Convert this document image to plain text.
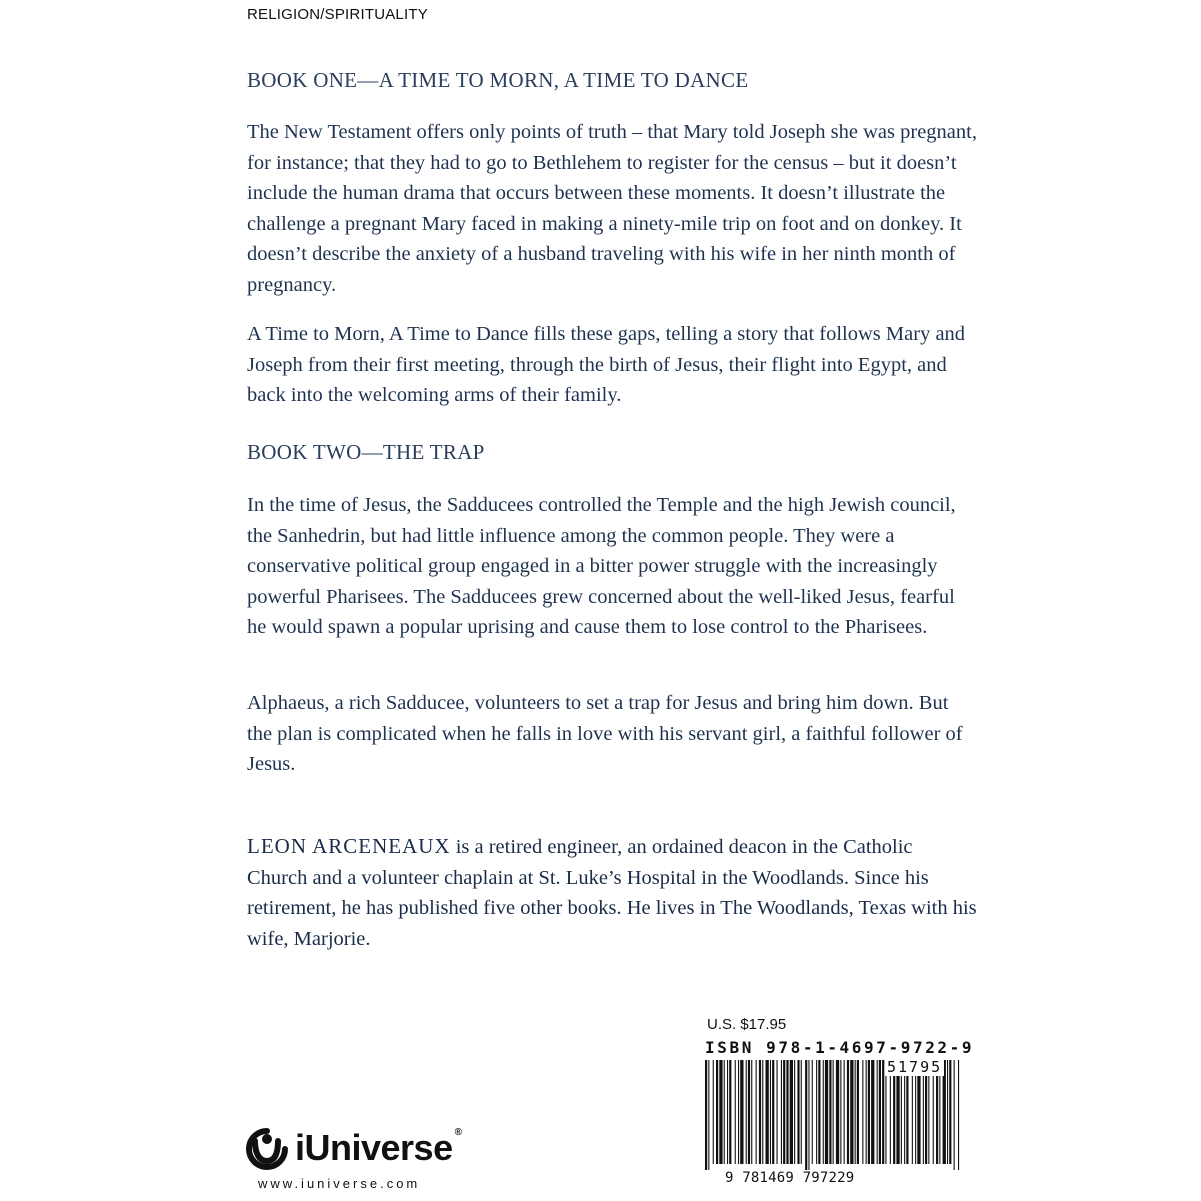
RELIGION/SPIRITUALITY
BOOK ONE—A TIME TO MORN, A TIME TO DANCE

The New Testament offers only points of truth – that Mary told Joseph she was pregnant, for instance; that they had to go to Bethlehem to register for the census – but it doesn’t include the human drama that occurs between these moments. It doesn’t illustrate the challenge a pregnant Mary faced in making a ninety-mile trip on foot and on donkey. It doesn’t describe the anxiety of a husband traveling with his wife in her ninth month of pregnancy.

A Time to Morn, A Time to Dance fills these gaps, telling a story that follows Mary and Joseph from their first meeting, through the birth of Jesus, their flight into Egypt, and back into the welcoming arms of their family.

BOOK TWO—THE TRAP

In the time of Jesus, the Sadducees controlled the Temple and the high Jewish council, the Sanhedrin, but had little influence among the common people. They were a conservative political group engaged in a bitter power struggle with the increasingly powerful Pharisees. The Sadducees grew concerned about the well-liked Jesus, fearful he would spawn a popular uprising and cause them to lose control to the Pharisees.

Alphaeus, a rich Sadducee, volunteers to set a trap for Jesus and bring him down. But the plan is complicated when he falls in love with his servant girl, a faithful follower of Jesus.

LEON ARCENEAUX is a retired engineer, an ordained deacon in the Catholic Church and a volunteer chaplain at St. Luke’s Hospital in the Woodlands. Since his retirement, he has published five other books. He lives in The Woodlands, Texas with his wife, Marjorie.

U.S. $17.95
ISBN 978-1-4697-9722-9
51795
9 781469 797229
iUniverse ®
www.iuniverse.com
